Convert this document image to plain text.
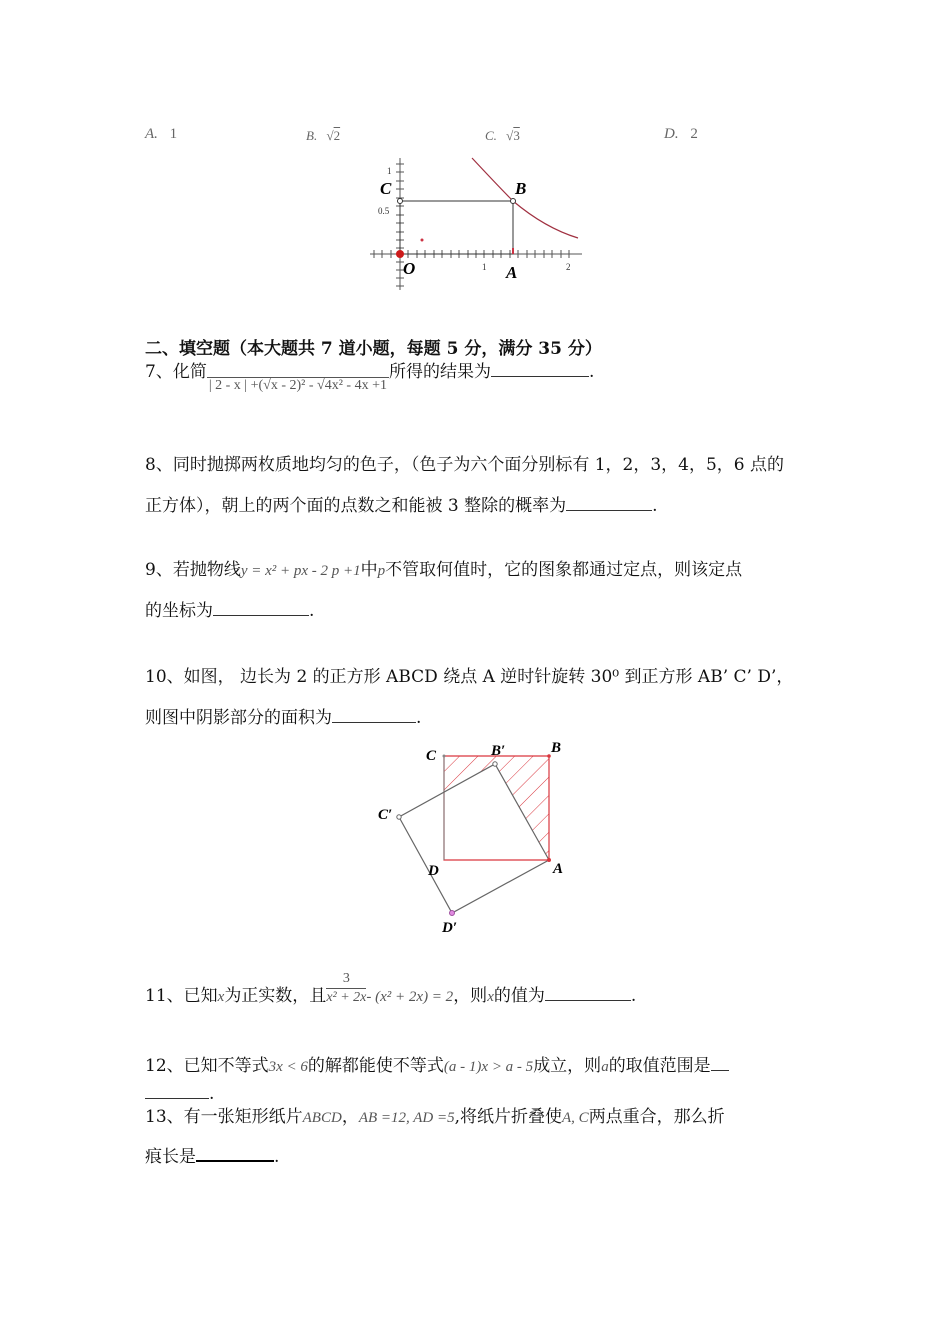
A. 1	B. √2	C. √3	D. 2
C	B
O	A
1
0.5
1	2
二、填空题（本大题共 7 道小题，每题 5 分，满分 35 分）
7、化简$_{| 2 - x | +(√x - 2)^2 - √4x^2 - 4x +1}$所得的结果为	.
8、同时抛掷两枚质地均匀的色子，（色子为六个面分别标有 1，2，3，4，5，6 点的
正方体），朝上的两个面的点数之和能被 3 整除的概率为	.
9、若抛物线y = x² + px - 2 p +1中p不管取何值时，它的图象都通过定点，则该定点
的坐标为	.
10、如图， 边长为 2 的正方形 ABCD 绕点 A 逆时针旋转 30⁰ 到正方形 AB’ C’ D’，
则图中阴影部分的面积为	.
C	B′	B
C′
D	A
D′
11、已知x为正实数，且 $\frac{3}{\text{x² + 2x}} - (x^2 + 2x) = 2$，则x的值为	.
12、已知不等式3x < 6的解都能使不等式(a - 1)x > a - 5成立，则a的取值范围是
.
13、有一张矩形纸片ABCD，AB =12, AD =5,将纸片折叠使A, C两点重合，那么折
痕长是	.
